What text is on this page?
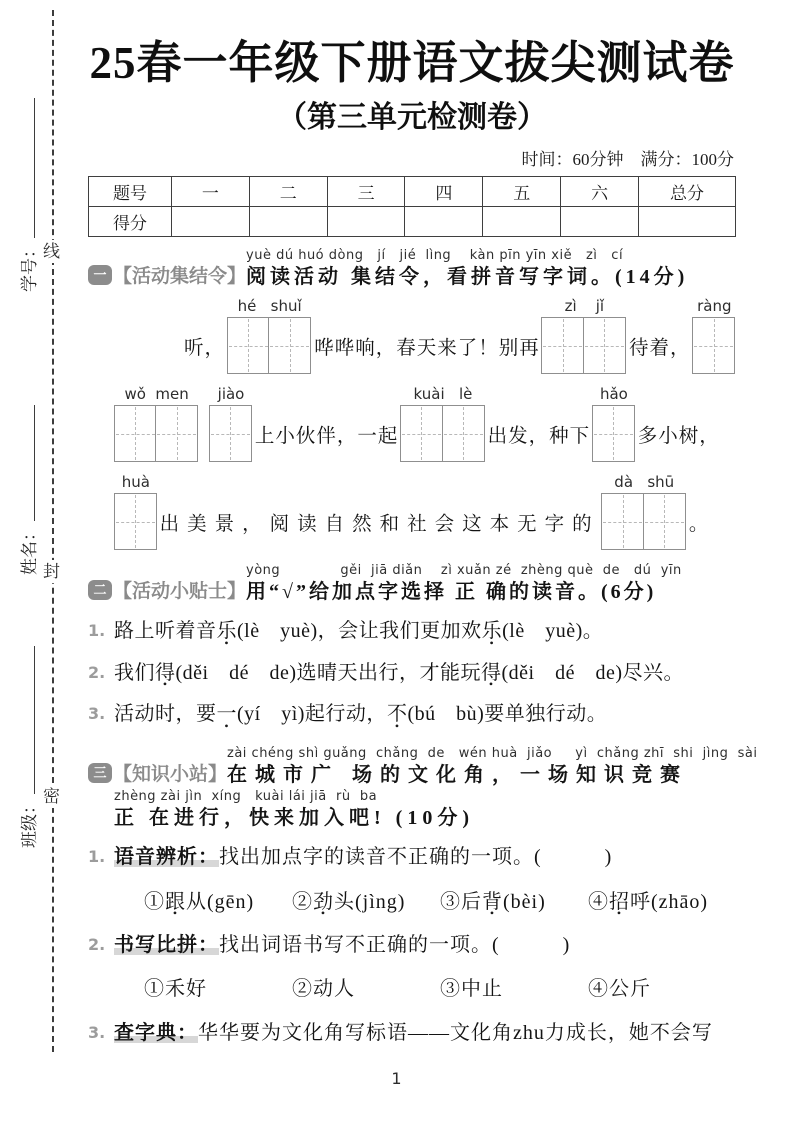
线
封
密
学号：
姓名：
班级：
25春一年级下册语文拔尖测试卷
（第三单元检测卷）
时间：60分钟　满分：100分
题号	一	二	三	四	五	六	总分
得分							
一 【活动集结令】
yuè dú huó dòng   jí   jié  lìng    kàn pīn yīn xiě   zì   cí
阅读活动 集结令，看拼音写字词。(14分)
听，
hé   shuǐ
哗哗响，春天来了！别再
zì    jǐ
待着，
ràng
wǒ  men	jiào
上小伙伴，一起
kuài   lè
出发，种下
hǎo
多小树，
huà
出美景，阅读自然和社会这本无字的
dà   shū
。
二 【活动小贴士】
yòng             gěi  jiā diǎn    zì xuǎn zé  zhèng què  de   dú  yīn
用“√”给加点字选择 正 确的读音。(6分)
1. 路上听着音乐(lè　yuè)，会让我们更加欢乐(lè　yuè)。
2. 我们得(děi　dé　de)选晴天出行，才能玩得(děi　dé　de)尽兴。
3. 活动时，要一(yí　yì)起行动，不(bú　bù)要单独行动。
三 【知识小站】
zài chéng shì guǎng  chǎng  de   wén huà  jiǎo     yì  chǎng zhī  shi  jìng  sài
在城市广 场的文化角，一场知识竞赛
zhèng zài jìn  xíng   kuài lái jiā  rù  ba
正 在进行，快来加入吧! (10分)
1. 语音辨析：找出加点字的读音不正确的一项。(　　　)
①跟从(gēn)	②劲头(jìng)	③后背(bèi)	④招呼(zhāo)
2. 书写比拼：找出词语书写不正确的一项。(　　　)
①禾好	②动人	③中止	④公斤
3. 查字典：华华要为文化角写标语——文化角zhu力成长，她不会写
1
